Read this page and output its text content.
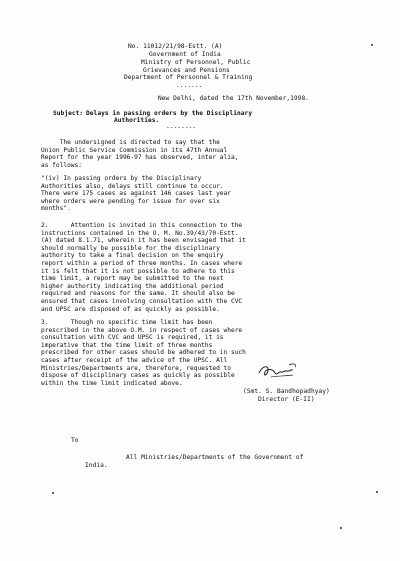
No. 11012/21/98-Estt. (A)
Government of India
Ministry of Personnel, Public
Grievances and Pensions
Department of Personnel & Training
.......
New Delhi, dated the 17th November,1998.
Subject: Delays in passing orders by the Disciplinary
Authorities.
--------
The undersigned is directed to say that the
Union Public Service Commission in its 47th Annual
Report for the year 1996-97 has observed, inter alia,
as follows:
"(iv) In passing orders by the Disciplinary
Authorities also, delays still continue to occur.
There were 175 cases as against 146 cases last year
where orders were pending for issue for over six
months".
2.      Attention is invited in this connection to the
instructions contained in the O. M. No.39/43/70-Estt.
(A) dated 8.1.71, wherein it has been envisaged that it
should normally be possible for the disciplinary
authority to take a final decision on the enquiry
report within a period of three months. In cases where
it is felt that it is not possible to adhere to this
time limit, a report may be submitted to the next
higher authority indicating the additional period
required and reasons for the same. It should also be
ensured that cases involving consultation with the CVC
and UPSC are disposed of as quickly as possible.
3.      Though no specific time limit has been
prescribed in the above O.M. in respect of cases where
consultation with CVC and UPSC is required, it is
imperative that the time limit of three months
prescribed for other cases should be adhered to in such
cases after receipt of the advice of the UPSC. All
Ministries/Departments are, therefore, requested to
dispose of disciplinary cases as quickly as possible
within the time limit indicated above.
(Smt. S. Bandhopadhyay)
Director (E-II)
To
All Ministries/Departments of the Government of
India.
